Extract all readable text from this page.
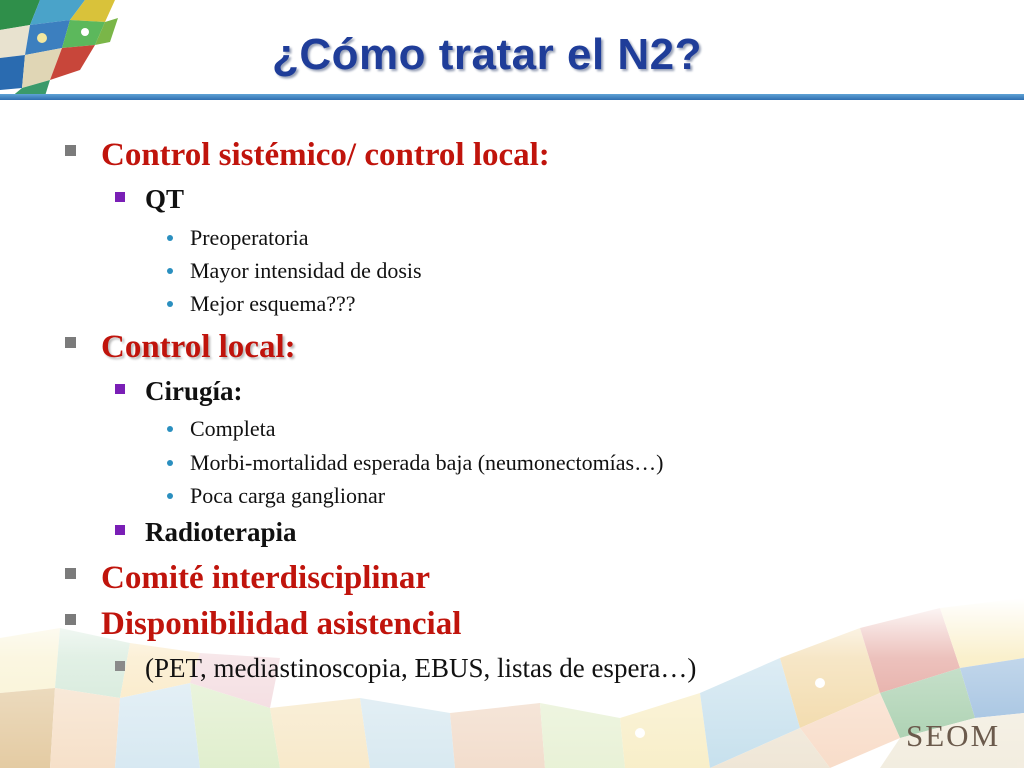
¿Cómo tratar el N2?
SEOM
Control sistémico/ control local:
QT
Preoperatoria
Mayor intensidad de dosis
Mejor esquema???
Control local:
Cirugía:
Completa
Morbi-mortalidad esperada baja (neumonectomías…)
Poca carga ganglionar
Radioterapia
Comité interdisciplinar
Disponibilidad asistencial
(PET, mediastinoscopia, EBUS, listas de espera…)
